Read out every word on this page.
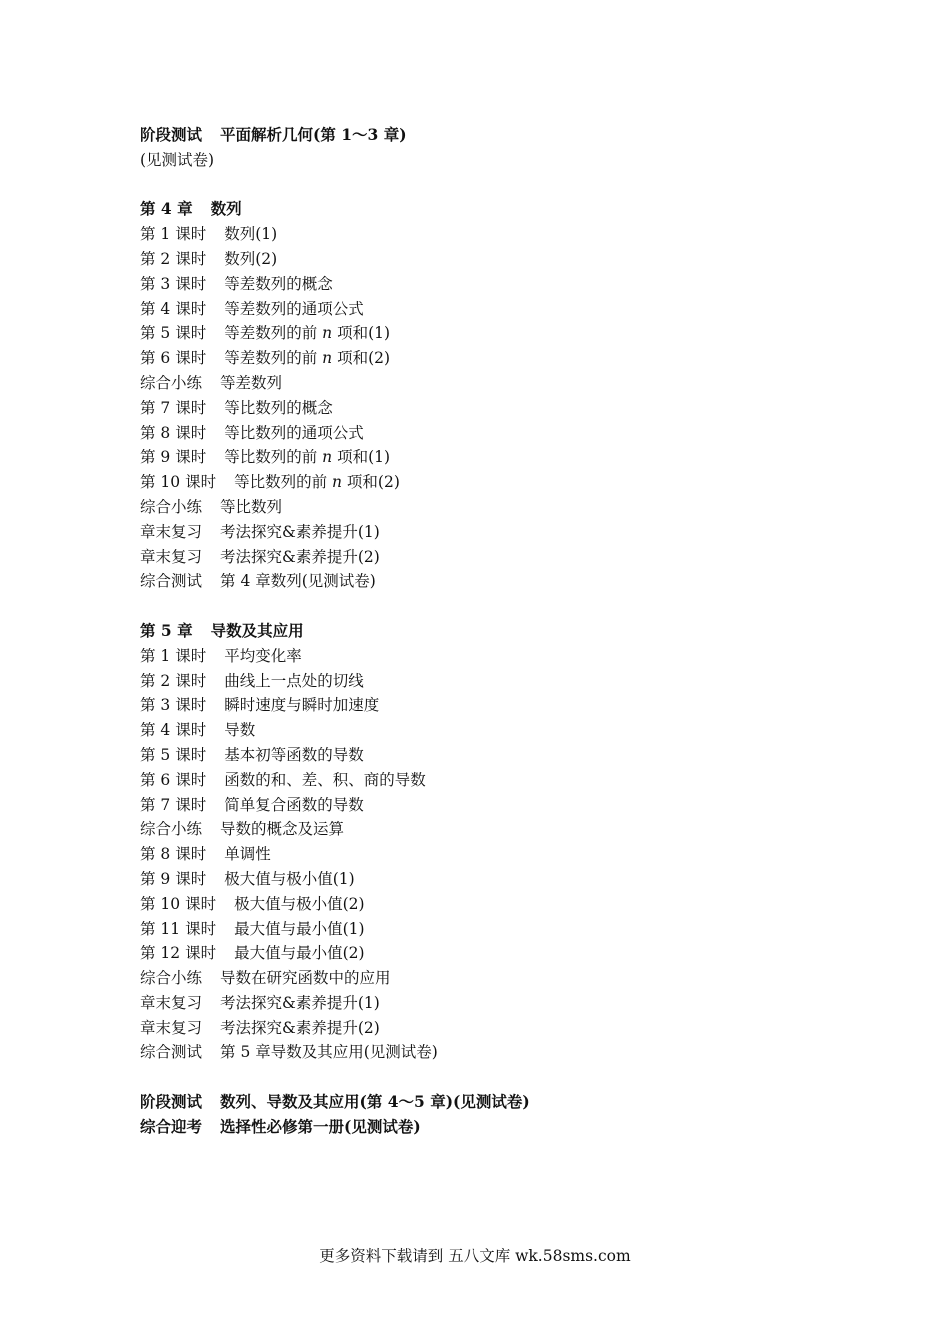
阶段测试 平面解析几何(第 1～3 章)
(见测试卷)
第 4 章 数列
第 1 课时 数列(1)
第 2 课时 数列(2)
第 3 课时 等差数列的概念
第 4 课时 等差数列的通项公式
第 5 课时 等差数列的前 n 项和(1)
第 6 课时 等差数列的前 n 项和(2)
综合小练 等差数列
第 7 课时 等比数列的概念
第 8 课时 等比数列的通项公式
第 9 课时 等比数列的前 n 项和(1)
第 10 课时 等比数列的前 n 项和(2)
综合小练 等比数列
章末复习 考法探究&素养提升(1)
章末复习 考法探究&素养提升(2)
综合测试 第 4 章数列(见测试卷)
第 5 章 导数及其应用
第 1 课时 平均变化率
第 2 课时 曲线上一点处的切线
第 3 课时 瞬时速度与瞬时加速度
第 4 课时 导数
第 5 课时 基本初等函数的导数
第 6 课时 函数的和、差、积、商的导数
第 7 课时 简单复合函数的导数
综合小练 导数的概念及运算
第 8 课时 单调性
第 9 课时 极大值与极小值(1)
第 10 课时 极大值与极小值(2)
第 11 课时 最大值与最小值(1)
第 12 课时 最大值与最小值(2)
综合小练 导数在研究函数中的应用
章末复习 考法探究&素养提升(1)
章末复习 考法探究&素养提升(2)
综合测试 第 5 章导数及其应用(见测试卷)
阶段测试 数列、导数及其应用(第 4～5 章)(见测试卷)
综合迎考 选择性必修第一册(见测试卷)
更多资料下载请到 五八文库 wk.58sms.com
